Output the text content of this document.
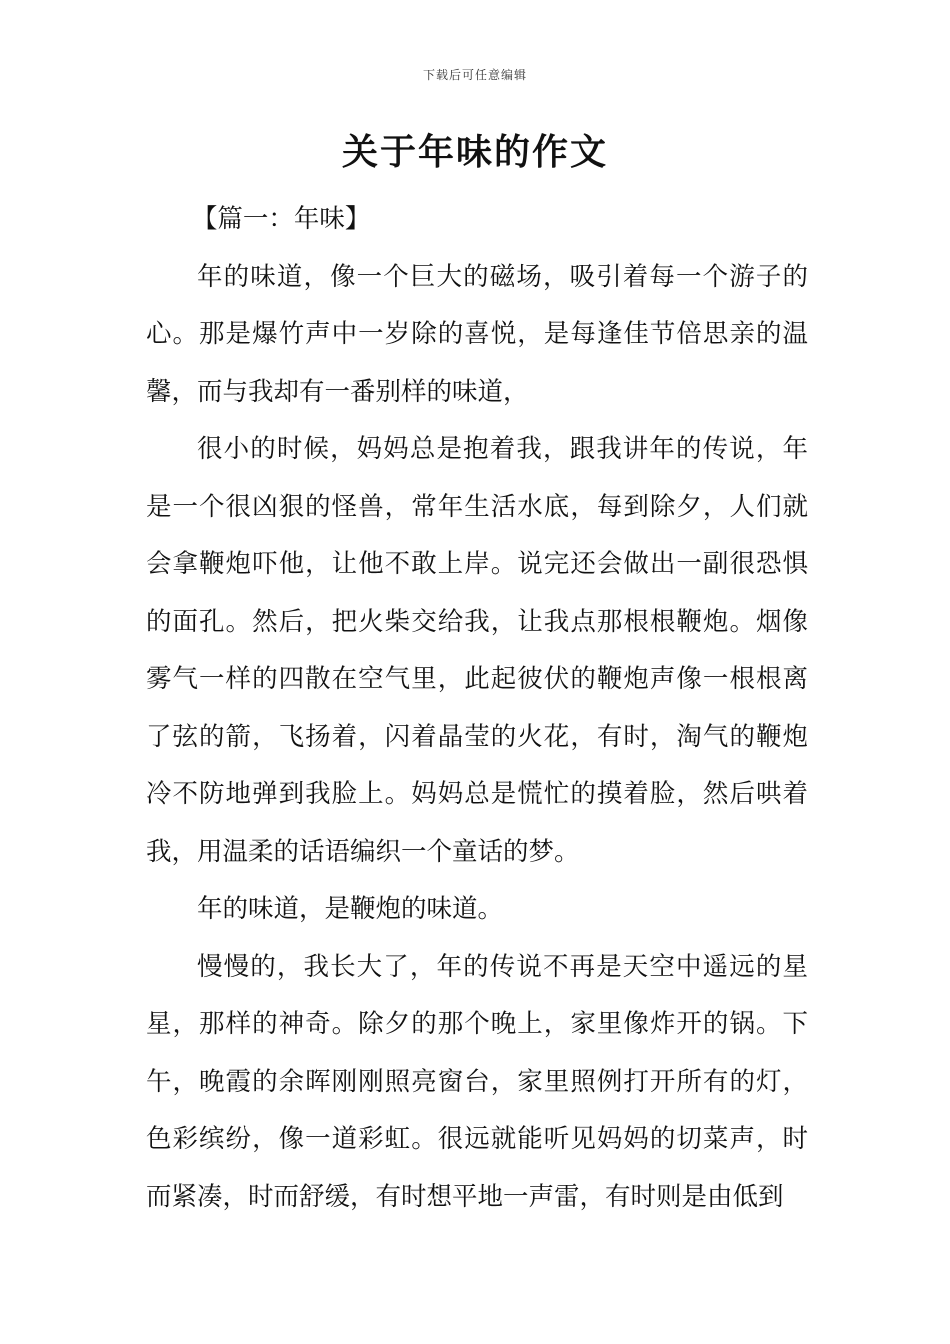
下载后可任意编辑
关于年味的作文

【篇一：年味】

年的味道，像一个巨大的磁场，吸引着每一个游子的心。那是爆竹声中一岁除的喜悦，是每逢佳节倍思亲的温馨，而与我却有一番别样的味道，

很小的时候，妈妈总是抱着我，跟我讲年的传说，年是一个很凶狠的怪兽，常年生活水底，每到除夕，人们就会拿鞭炮吓他，让他不敢上岸。说完还会做出一副很恐惧的面孔。然后，把火柴交给我，让我点那根根鞭炮。烟像雾气一样的四散在空气里，此起彼伏的鞭炮声像一根根离了弦的箭，飞扬着，闪着晶莹的火花，有时，淘气的鞭炮冷不防地弹到我脸上。妈妈总是慌忙的摸着脸，然后哄着我，用温柔的话语编织一个童话的梦。

年的味道，是鞭炮的味道。

慢慢的，我长大了，年的传说不再是天空中遥远的星星，那样的神奇。除夕的那个晚上，家里像炸开的锅。下午，晚霞的余晖刚刚照亮窗台，家里照例打开所有的灯，色彩缤纷，像一道彩虹。很远就能听见妈妈的切菜声，时而紧凑，时而舒缓，有时想平地一声雷，有时则是由低到
